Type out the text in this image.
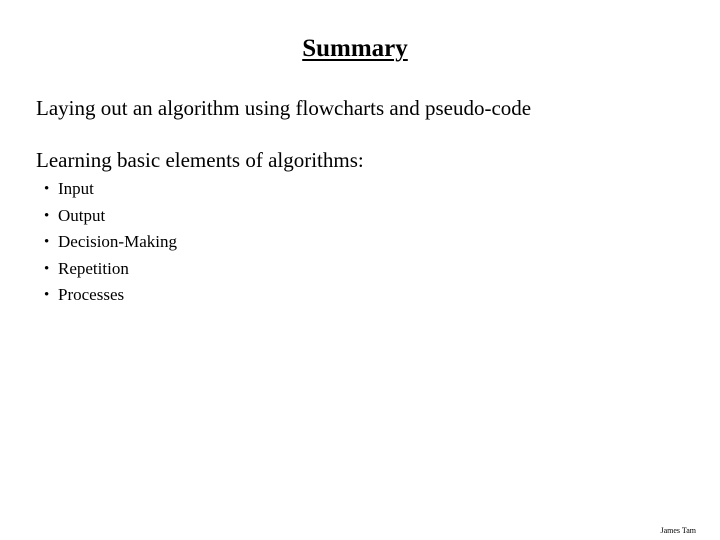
Summary
Laying out an algorithm using flowcharts and pseudo-code
Learning basic elements of algorithms:
• Input
• Output
• Decision-Making
• Repetition
• Processes
James Tam
